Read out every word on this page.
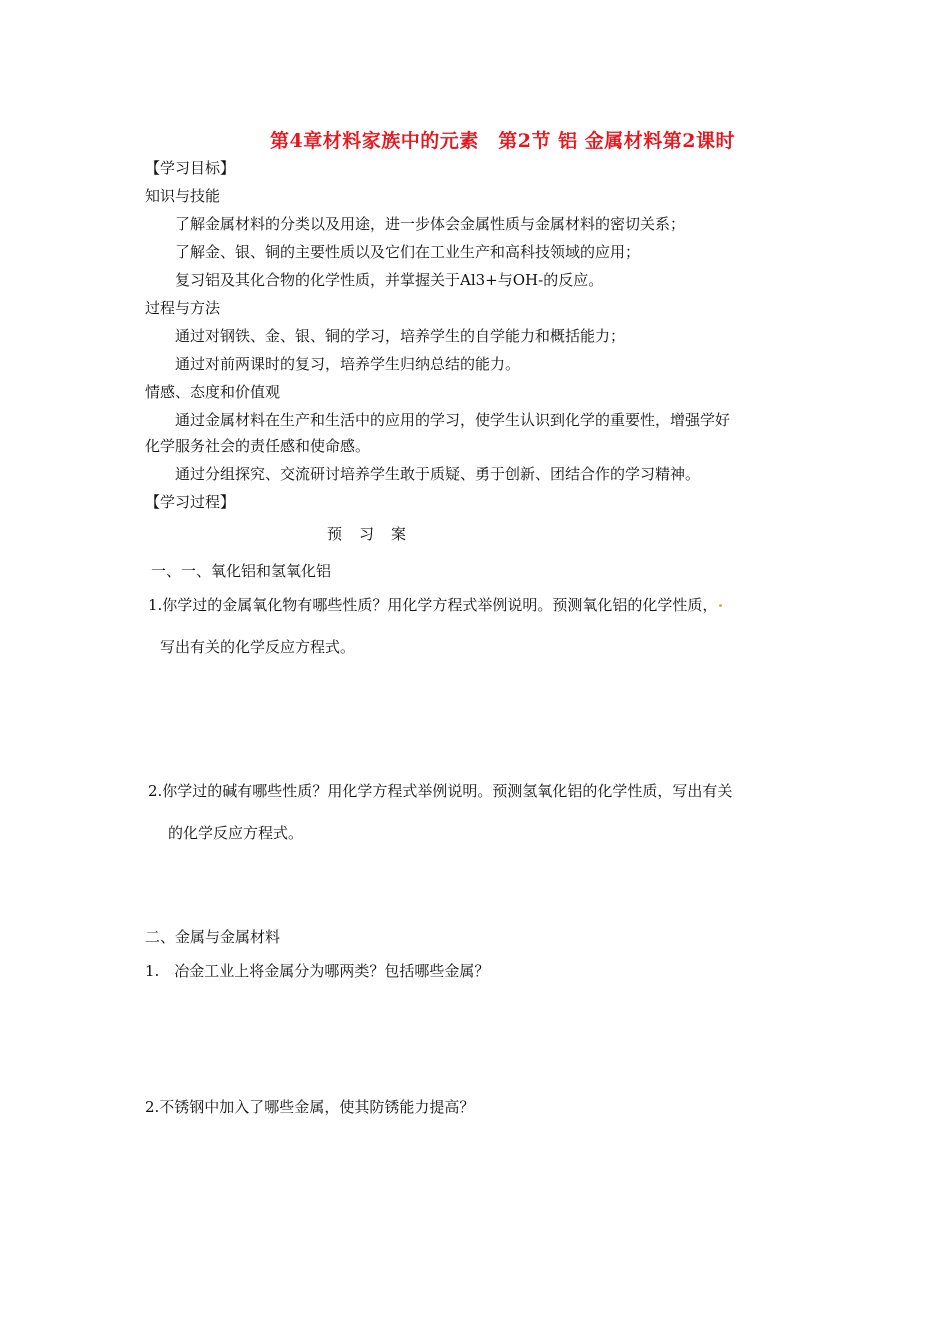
第4章材料家族中的元素　第2节 铝 金属材料第2课时
【学习目标】
知识与技能
了解金属材料的分类以及用途，进一步体会金属性质与金属材料的密切关系；
了解金、银、铜的主要性质以及它们在工业生产和高科技领域的应用；
复习铝及其化合物的化学性质，并掌握关于Al3+与OH-的反应。
过程与方法
通过对钢铁、金、银、铜的学习，培养学生的自学能力和概括能力；
通过对前两课时的复习，培养学生归纳总结的能力。
情感、态度和价值观
通过金属材料在生产和生活中的应用的学习，使学生认识到化学的重要性，增强学好
化学服务社会的责任感和使命感。
通过分组探究、交流研讨培养学生敢于质疑、勇于创新、团结合作的学习精神。
【学习过程】
预　习　案
一、一、氧化铝和氢氧化铝
1.你学过的金属氧化物有哪些性质？用化学方程式举例说明。预测氧化铝的化学性质，
写出有关的化学反应方程式。
2.你学过的碱有哪些性质？用化学方程式举例说明。预测氢氧化铝的化学性质，写出有关
的化学反应方程式。
二、金属与金属材料
1.　冶金工业上将金属分为哪两类？包括哪些金属？
2.不锈钢中加入了哪些金属，使其防锈能力提高？
